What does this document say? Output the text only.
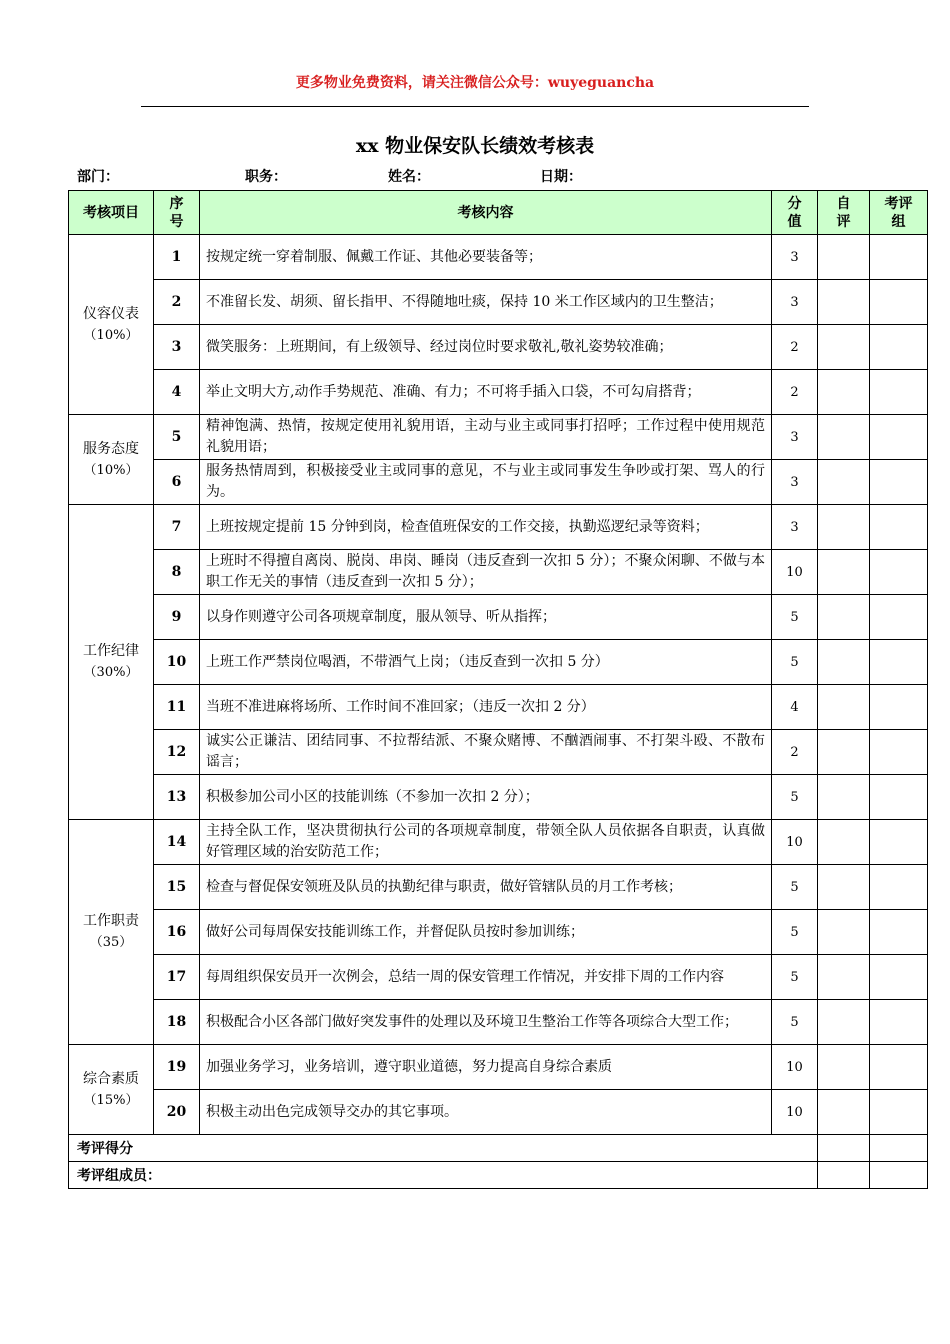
更多物业免费资料，请关注微信公众号：wuyeguancha
xx 物业保安队长绩效考核表
部门：	职务：	姓名：	日期：
考核项目	序号	考核内容	分值	自评	考评组

仪容仪表
（10%）	1	按规定统一穿着制服、佩戴工作证、其他必要装备等；	3		
	2	不准留长发、胡须、留长指甲、不得随地吐痰，保持 10 米工作区域内的卫生整洁；	3		
	3	微笑服务：上班期间，有上级领导、经过岗位时要求敬礼,敬礼姿势较准确；	2		
	4	举止文明大方,动作手势规范、准确、有力；不可将手插入口袋，不可勾肩搭背；	2		

服务态度
（10%）	5	精神饱满、热情，按规定使用礼貌用语，主动与业主或同事打招呼；工作过程中使用规范礼貌用语；	3		
	6	服务热情周到，积极接受业主或同事的意见，不与业主或同事发生争吵或打架、骂人的行为。	3		

工作纪律
（30%）	7	上班按规定提前 15 分钟到岗，检查值班保安的工作交接，执勤巡逻纪录等资料；	3		
	8	上班时不得擅自离岗、脱岗、串岗、睡岗（违反查到一次扣 5 分）；不聚众闲聊、不做与本职工作无关的事情（违反查到一次扣 5 分）；	10		
	9	以身作则遵守公司各项规章制度，服从领导、听从指挥；	5		
	10	上班工作严禁岗位喝酒，不带酒气上岗；（违反查到一次扣 5 分）	5		
	11	当班不准进麻将场所、工作时间不准回家；（违反一次扣 2 分）	4		
	12	诚实公正谦洁、团结同事、不拉帮结派、不聚众赌博、不酗酒闹事、不打架斗殴、不散布谣言；	2		
	13	积极参加公司小区的技能训练（不参加一次扣 2 分）；	5		

工作职责
（35）	14	主持全队工作，坚决贯彻执行公司的各项规章制度，带领全队人员依据各自职责，认真做好管理区域的治安防范工作；	10		
	15	检查与督促保安领班及队员的执勤纪律与职责，做好管辖队员的月工作考核；	5		
	16	做好公司每周保安技能训练工作，并督促队员按时参加训练；	5		
	17	每周组织保安员开一次例会，总结一周的保安管理工作情况，并安排下周的工作内容	5		
	18	积极配合小区各部门做好突发事件的处理以及环境卫生整治工作等各项综合大型工作；	5		

综合素质
（15%）	19	加强业务学习，业务培训，遵守职业道德，努力提高自身综合素质	10		
	20	积极主动出色完成领导交办的其它事项。	10		
考评得分					
考评组成员：					
